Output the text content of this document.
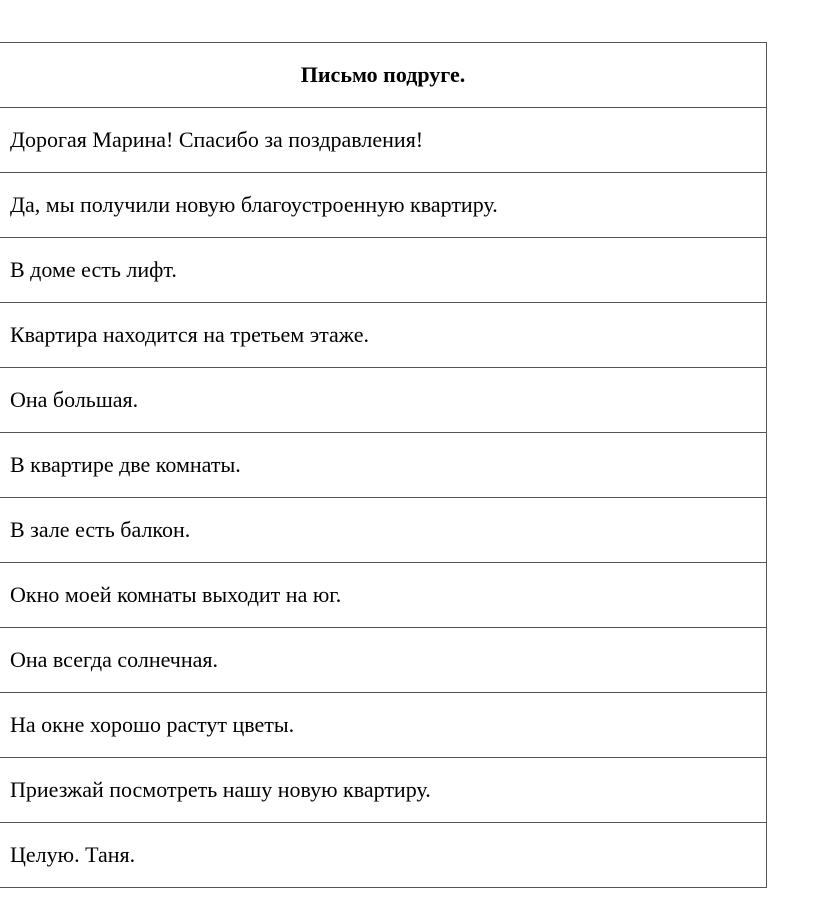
Письмо подруге.
Дорогая Марина! Спасибо за поздравления!
Да, мы получили новую благоустроенную квартиру.
В доме есть лифт.
Квартира находится на третьем этаже.
Она большая.
В квартире две комнаты.
В зале есть балкон.
Окно моей комнаты выходит на юг.
Она всегда солнечная.
На окне хорошо растут цветы.
Приезжай посмотреть нашу новую квартиру.
Целую. Таня.
